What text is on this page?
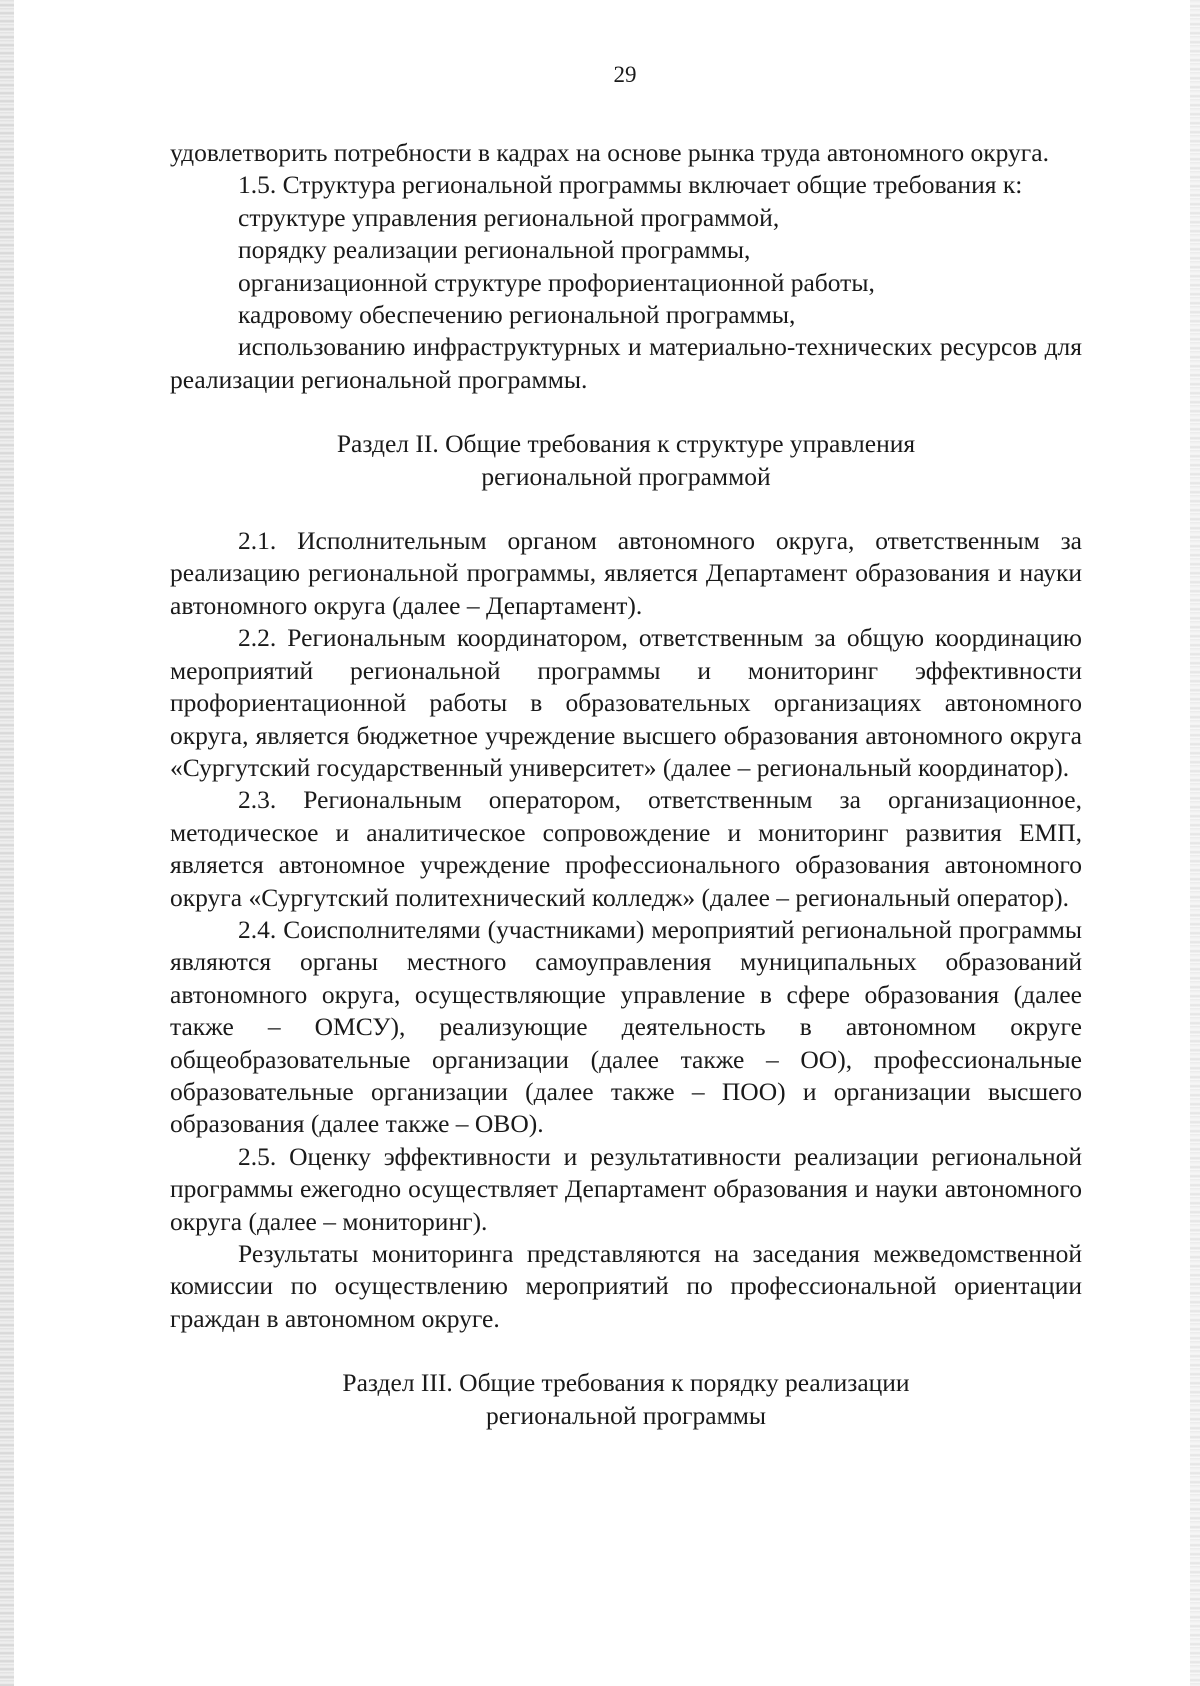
29

удовлетворить потребности в кадрах на основе рынка труда автономного округа.

1.5. Структура региональной программы включает общие требования к:

структуре управления региональной программой,

порядку реализации региональной программы,

организационной структуре профориентационной работы,

кадровому обеспечению региональной программы,

использованию инфраструктурных и материально-технических ресурсов для реализации региональной программы.

Раздел II. Общие требования к структуре управления
региональной программой

2.1. Исполнительным органом автономного округа, ответственным за реализацию региональной программы, является Департамент образования и науки автономного округа (далее – Департамент).

2.2. Региональным координатором, ответственным за общую координацию мероприятий региональной программы и мониторинг эффективности профориентационной работы в образовательных организациях автономного округа, является бюджетное учреждение высшего образования автономного округа «Сургутский государственный университет» (далее – региональный координатор).

2.3. Региональным оператором, ответственным за организационное, методическое и аналитическое сопровождение и мониторинг развития ЕМП, является автономное учреждение профессионального образования автономного округа «Сургутский политехнический колледж» (далее – региональный оператор).

2.4. Соисполнителями (участниками) мероприятий региональной программы являются органы местного самоуправления муниципальных образований автономного округа, осуществляющие управление в сфере образования (далее также – ОМСУ), реализующие деятельность в автономном округе общеобразовательные организации (далее также – ОО), профессиональные образовательные организации (далее также – ПОО) и организации высшего образования (далее также – ОВО).

2.5. Оценку эффективности и результативности реализации региональной программы ежегодно осуществляет Департамент образования и науки автономного округа (далее – мониторинг).

Результаты мониторинга представляются на заседания межведомственной комиссии по осуществлению мероприятий по профессиональной ориентации граждан в автономном округе.

Раздел III. Общие требования к порядку реализации
региональной программы
